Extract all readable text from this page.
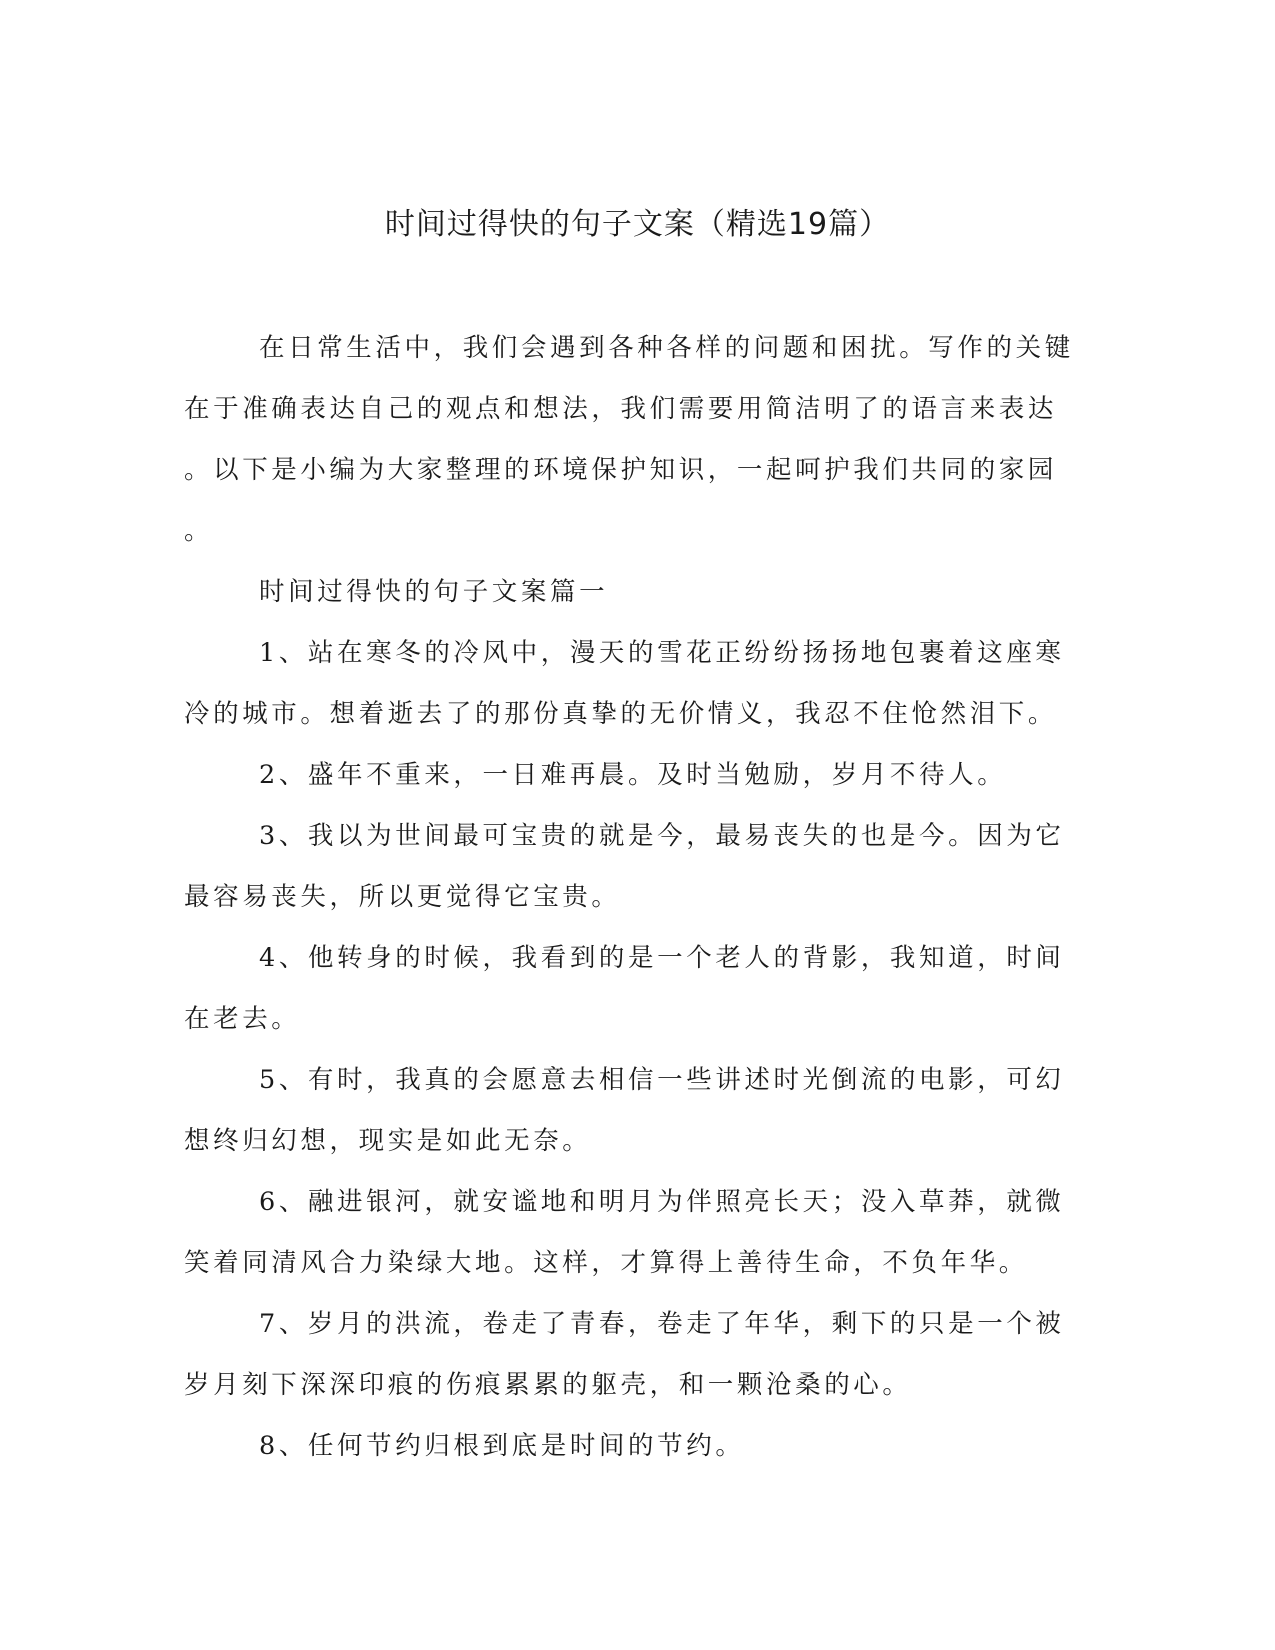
时间过得快的句子文案（精选19篇）
在日常生活中，我们会遇到各种各样的问题和困扰。写作的关键
在于准确表达自己的观点和想法，我们需要用简洁明了的语言来表达
。以下是小编为大家整理的环境保护知识，一起呵护我们共同的家园
。
时间过得快的句子文案篇一
1、站在寒冬的冷风中，漫天的雪花正纷纷扬扬地包裹着这座寒
冷的城市。想着逝去了的那份真挚的无价情义，我忍不住怆然泪下。
2、盛年不重来，一日难再晨。及时当勉励，岁月不待人。
3、我以为世间最可宝贵的就是今，最易丧失的也是今。因为它
最容易丧失，所以更觉得它宝贵。
4、他转身的时候，我看到的是一个老人的背影，我知道，时间
在老去。
5、有时，我真的会愿意去相信一些讲述时光倒流的电影，可幻
想终归幻想，现实是如此无奈。
6、融进银河，就安谧地和明月为伴照亮长天；没入草莽，就微
笑着同清风合力染绿大地。这样，才算得上善待生命，不负年华。
7、岁月的洪流，卷走了青春，卷走了年华，剩下的只是一个被
岁月刻下深深印痕的伤痕累累的躯壳，和一颗沧桑的心。
8、任何节约归根到底是时间的节约。
